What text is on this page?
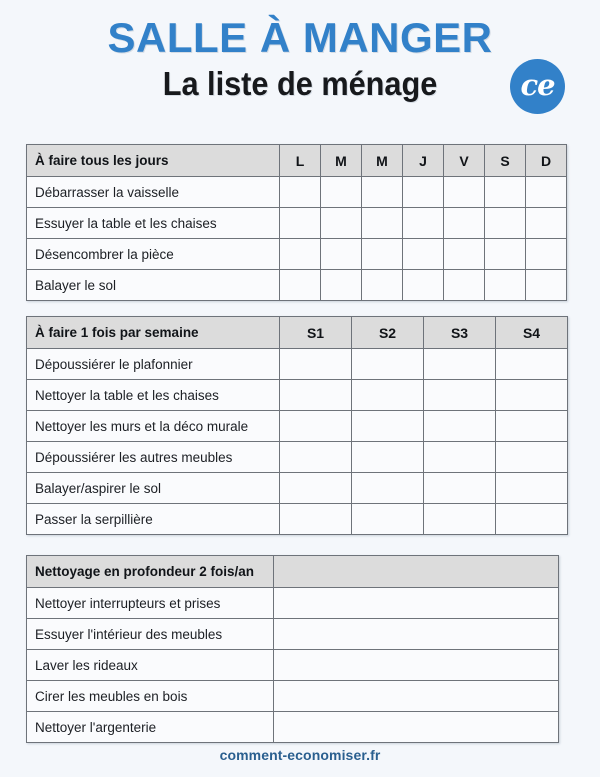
SALLE À MANGER
La liste de ménage	ce
À faire tous les jours	L	M	M	J	V	S	D
Débarrasser la vaisselle							
Essuyer la table et les chaises							
Désencombrer la pièce							
Balayer le sol							
À faire 1 fois par semaine	S1	S2	S3	S4
Dépoussiérer le plafonnier				
Nettoyer la table et les chaises				
Nettoyer les murs et la déco murale				
Dépoussiérer les autres meubles				
Balayer/aspirer le sol				
Passer la serpillière				
Nettoyage en profondeur 2 fois/an	
Nettoyer interrupteurs et prises	
Essuyer l'intérieur des meubles	
Laver les rideaux	
Cirer les meubles en bois	
Nettoyer l'argenterie	
comment-economiser.fr
